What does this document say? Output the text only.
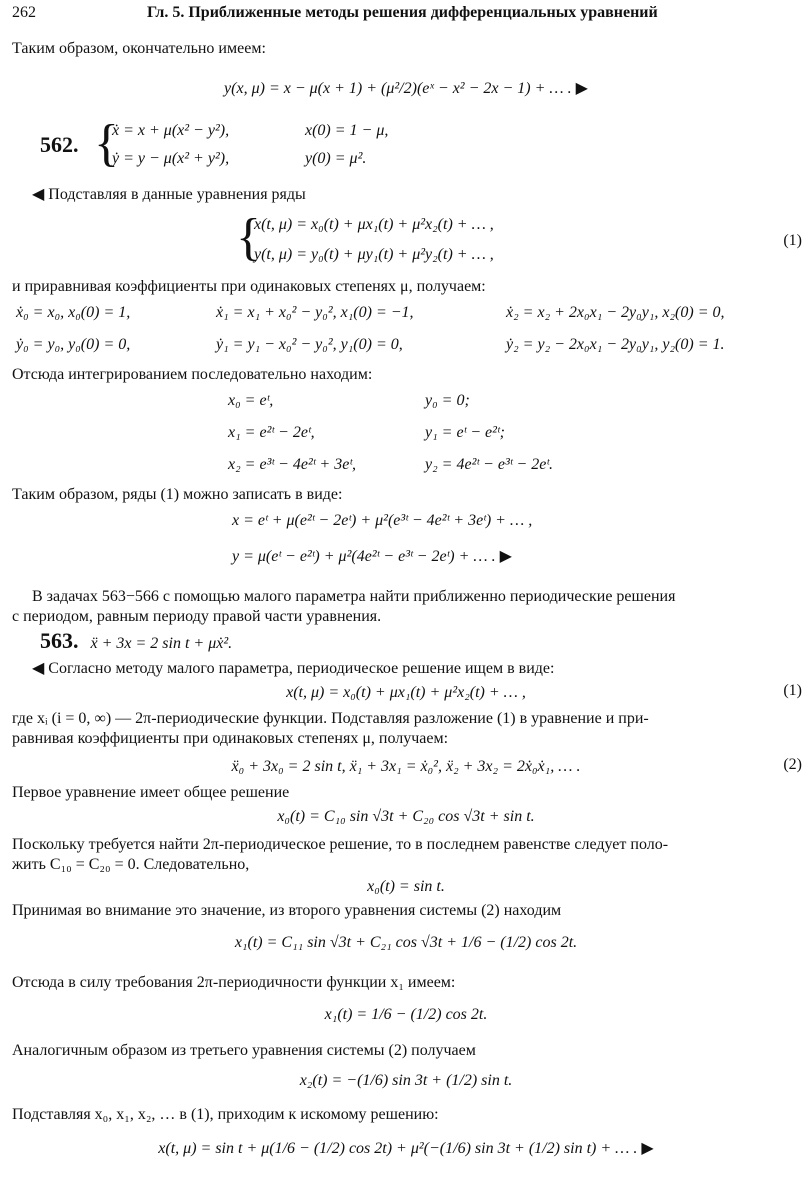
262	Гл. 5. Приближенные методы решения дифференциальных уравнений
Таким образом, окончательно имеем:
y(x, μ) = x − μ(x + 1) + (μ²/2)(eˣ − x² − 2x − 1) + … . ▶
562. {
ẋ = x + μ(x² − y²),	x(0) = 1 − μ,
ẏ = y − μ(x² + y²),	y(0) = μ².
◀ Подставляя в данные уравнения ряды
{
x(t, μ) = x₀(t) + μx₁(t) + μ²x₂(t) + … ,
y(t, μ) = y₀(t) + μy₁(t) + μ²y₂(t) + … ,
(1)
и приравнивая коэффициенты при одинаковых степенях μ, получаем:
ẋ₀ = x₀, x₀(0) = 1,	ẋ₁ = x₁ + x₀² − y₀², x₁(0) = −1,	ẋ₂ = x₂ + 2x₀x₁ − 2y₀y₁, x₂(0) = 0,
ẏ₀ = y₀, y₀(0) = 0,	ẏ₁ = y₁ − x₀² − y₀², y₁(0) = 0,	ẏ₂ = y₂ − 2x₀x₁ − 2y₀y₁, y₂(0) = 1.
Отсюда интегрированием последовательно находим:
x₀ = eᵗ,	y₀ = 0;
x₁ = e²ᵗ − 2eᵗ,	y₁ = eᵗ − e²ᵗ;
x₂ = e³ᵗ − 4e²ᵗ + 3eᵗ,	y₂ = 4e²ᵗ − e³ᵗ − 2eᵗ.
Таким образом, ряды (1) можно записать в виде:
x = eᵗ + μ(e²ᵗ − 2eᵗ) + μ²(e³ᵗ − 4e²ᵗ + 3eᵗ) + … ,
y = μ(eᵗ − e²ᵗ) + μ²(4e²ᵗ − e³ᵗ − 2eᵗ) + … . ▶
В задачах 563−566 с помощью малого параметра найти приближенно периодические решения
с периодом, равным периоду правой части уравнения.
563. ẍ + 3x = 2 sin t + μẋ².
◀ Согласно методу малого параметра, периодическое решение ищем в виде:
x(t, μ) = x₀(t) + μx₁(t) + μ²x₂(t) + … ,	(1)
где xᵢ (i = 0, ∞) — 2π-периодические функции. Подставляя разложение (1) в уравнение и при-
равнивая коэффициенты при одинаковых степенях μ, получаем:
ẍ₀ + 3x₀ = 2 sin t, ẍ₁ + 3x₁ = ẋ₀², ẍ₂ + 3x₂ = 2ẋ₀ẋ₁, … .	(2)
Первое уравнение имеет общее решение
x₀(t) = C₁₀ sin √3t + C₂₀ cos √3t + sin t.
Поскольку требуется найти 2π-периодическое решение, то в последнем равенстве следует поло-
жить C₁₀ = C₂₀ = 0. Следовательно,
x₀(t) = sin t.
Принимая во внимание это значение, из второго уравнения системы (2) находим
x₁(t) = C₁₁ sin √3t + C₂₁ cos √3t + 1/6 − (1/2) cos 2t.
Отсюда в силу требования 2π-периодичности функции x₁ имеем:
x₁(t) = 1/6 − (1/2) cos 2t.
Аналогичным образом из третьего уравнения системы (2) получаем
x₂(t) = −(1/6) sin 3t + (1/2) sin t.
Подставляя x₀, x₁, x₂, … в (1), приходим к искомому решению:
x(t, μ) = sin t + μ(1/6 − (1/2) cos 2t) + μ²(−(1/6) sin 3t + (1/2) sin t) + … . ▶
